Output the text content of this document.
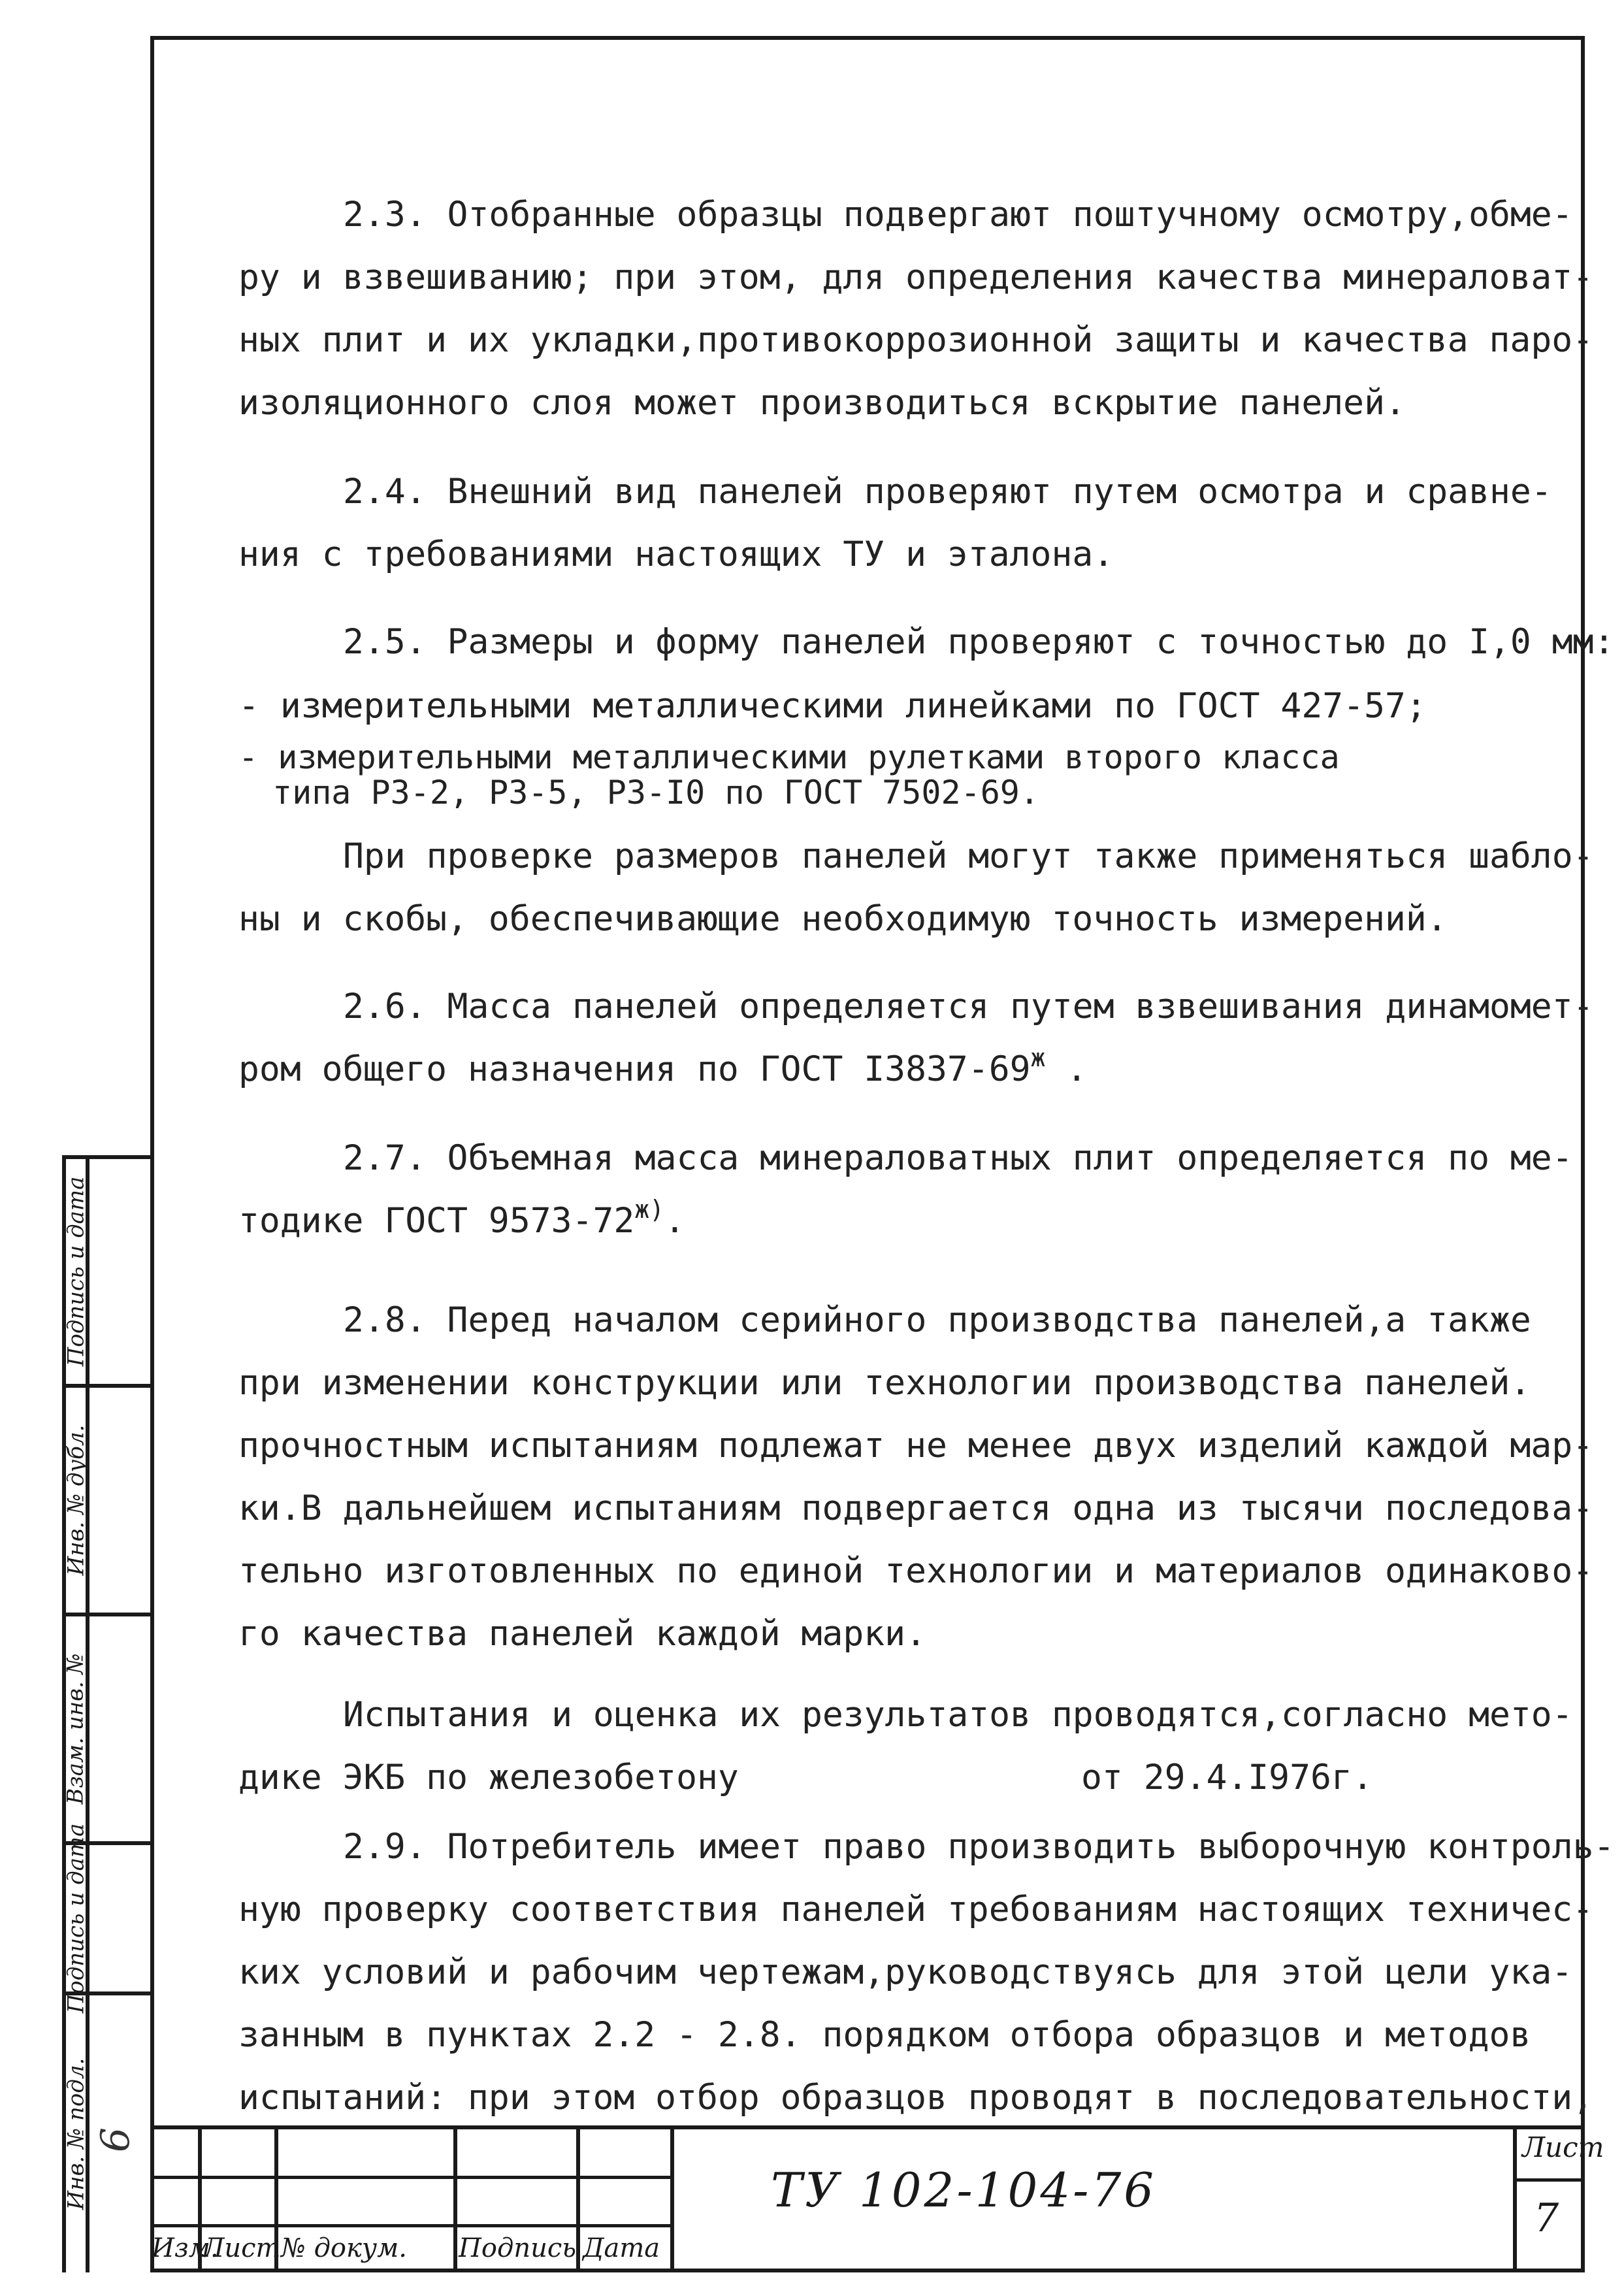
2.3. Отобранные образцы подвергают поштучному осмотру,обме-
ру и взвешиванию; при этом, для определения качества минераловат-
ных плит и их укладки,противокоррозионной защиты и качества паро-
изоляционного слоя может производиться вскрытие панелей.
2.4. Внешний вид панелей проверяют путем осмотра и сравне-
ния с требованиями настоящих ТУ и эталона.
2.5. Размеры и форму панелей проверяют с точностью до I,0 мм:
- измерительными металлическими линейками по ГОСТ 427-57;
- измерительными металлическими рулетками второго класса
типа Р3-2, Р3-5, Р3-I0 по ГОСТ 7502-69.
При проверке размеров панелей могут также применяться шабло-
ны и скобы, обеспечивающие необходимую точность измерений.
2.6. Масса панелей определяется путем взвешивания динамомет-
ром общего назначения по ГОСТ $I3837-69^ж$ .
2.7. Объемная масса минераловатных плит определяется по ме-
тодике ГОСТ $9573-72^{ж)}$.
2.8. Перед началом серийного производства панелей,а также
при изменении конструкции или технологии производства панелей.
прочностным испытаниям подлежат не менее двух изделий каждой мар-
ки.В дальнейшем испытаниям подвергается одна из тысячи последова-
тельно изготовленных по единой технологии и материалов одинаково-
го качества панелей каждой марки.
Испытания и оценка их результатов проводятся,согласно мето-
дике ЭКБ по железобетону	от 29.4.I976г.
2.9. Потребитель имеет право производить выборочную контроль-
ную проверку соответствия панелей требованиям настоящих техничес-
ких условий и рабочим чертежам,руководствуясь для этой цели ука-
занным в пунктах 2.2 - 2.8. порядком отбора образцов и методов
испытаний: при этом отбор образцов проводят в последовательности,
Подпись и дата
Инв. № дубл.
Взам. инв. №
Подпись и дата
Инв. № подл. 6
Изм.
Лист № докум. Подпись Дата
ТУ 102-104-76
Лист
7
